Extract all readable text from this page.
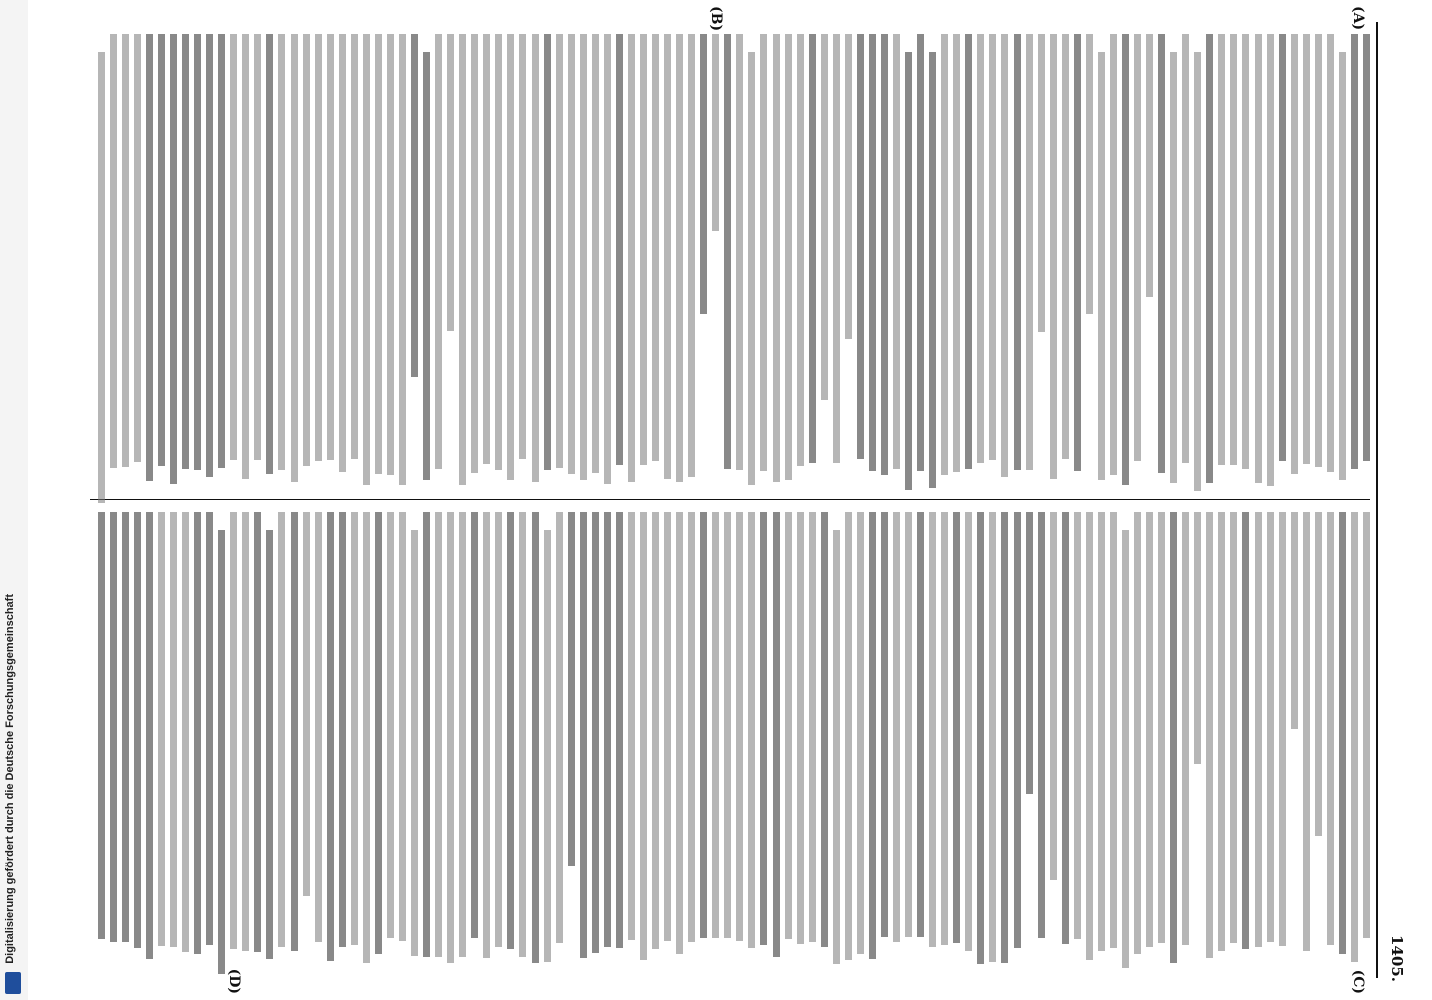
1405.
(A)
(B)
(C)
(D)
Digitalisierung gefördert durch die Deutsche Forschungsgemeinschaft
